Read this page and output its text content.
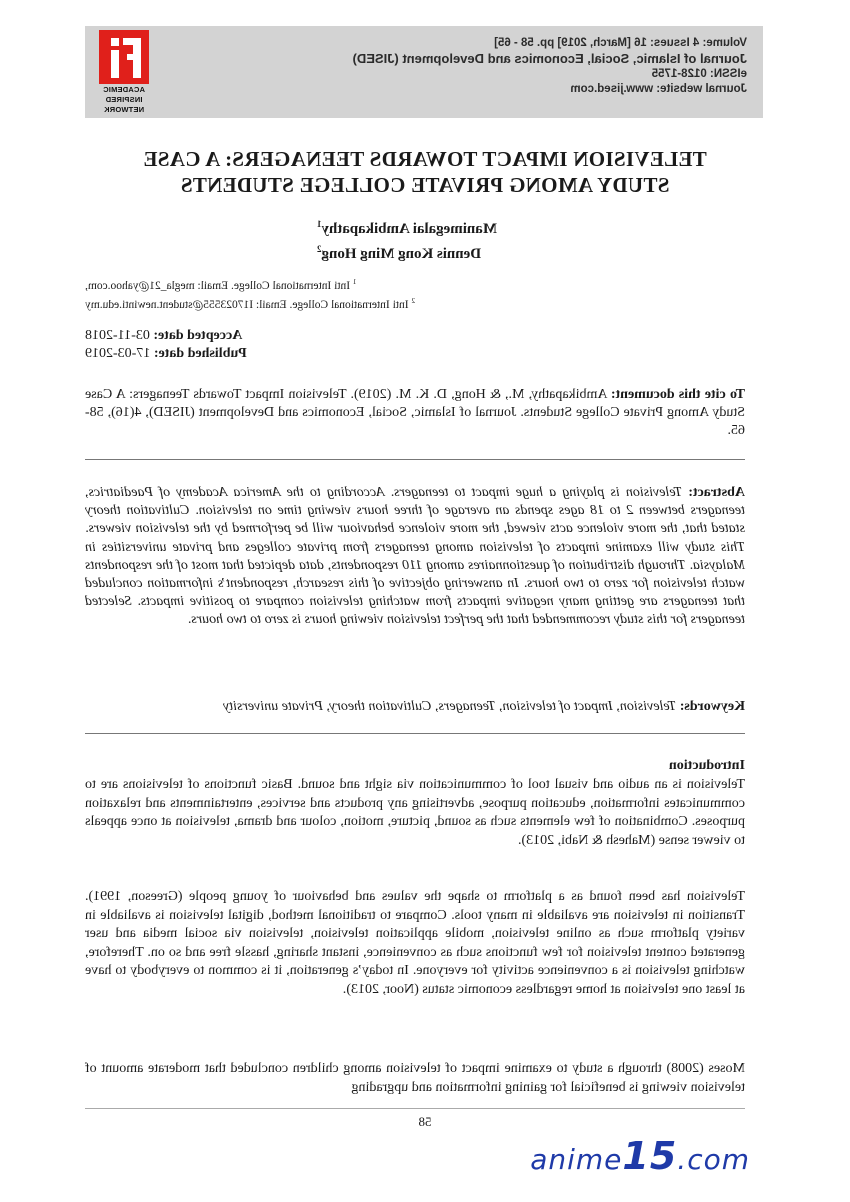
Volume: 4 Issues: 16 [March, 2019] pp. 58 - 65]
Journal of Islamic, Social, Economics and Development (JISED)
eISSN: 0128-1755
Journal website: www.jised.com
ACADEMIC
INSPIRED
NETWORK
TELEVISION IMPACT TOWARDS TEENAGERS: A CASE
STUDY AMONG PRIVATE COLLEGE STUDENTS
Manimegalai Ambikapathy$^1$
Dennis Kong Ming Hong$^2$
$^1$ Inti International College. Email: megla_21@yahoo.com,
$^2$ Inti International College. Email: I17023555@student.newinti.edu.my
Accepted date: 03-11-2018
Published date: 17-03-2019
To cite this document: Ambikapathy, M., & Hong, D. K. M. (2019). Television Impact Towards Teenagers: A Case Study Among Private College Students. Journal of Islamic, Social, Economics and Development (JISED), 4(16), 58-65.
Abstract: Television is playing a huge impact to teenagers. According to the America Academy of Paediatrics, teenagers between 2 to 18 ages spends an average of three hours viewing time on television. Cultivation theory stated that, the more violence acts viewed, the more violence behaviour will be performed by the television viewers. This study will examine impacts of television among teenagers from private colleges and private universities in Malaysia. Through distribution of questionnaires among 110 respondents, data depicted that most of the respondents watch television for zero to two hours. In answering objective of this research, respondent’s information concluded that teenagers are getting many negative impacts from watching television compare to positive impacts. Selected teenagers for this study recommended that the perfect television viewing hours is zero to two hours.
Keywords: Television, Impact of television, Teenagers, Cultivation theory, Private university
Introduction
Television is an audio and visual tool of communication via sight and sound. Basic functions of televisions are to communicates information, education purpose, advertising any products and services, entertainments and relaxation purposes. Combination of few elements such as sound, picture, motion, colour and drama, television at once appeals to viewer sense (Mahesh & Nabi, 2013).
Television has been found as a platform to shape the values and behaviour of young people (Greeson, 1991). Transition in television are avaliable in many tools. Compare to traditional method, digital television is avaliable in variety platform such as online television, mobile application television, television via social media and user generated content television for few functions such as convenience, instant sharing, hassle free and so on. Therefore, watching television is a convenience activity for everyone. In today’s generation, it is common to everybody to have at least one television at home regardless economic status (Noor, 2013).
Moses (2008) through a study to examine impact of television among children concluded that moderate amount of television viewing is beneficial for gaining information and upgrading
58
anime15.com
